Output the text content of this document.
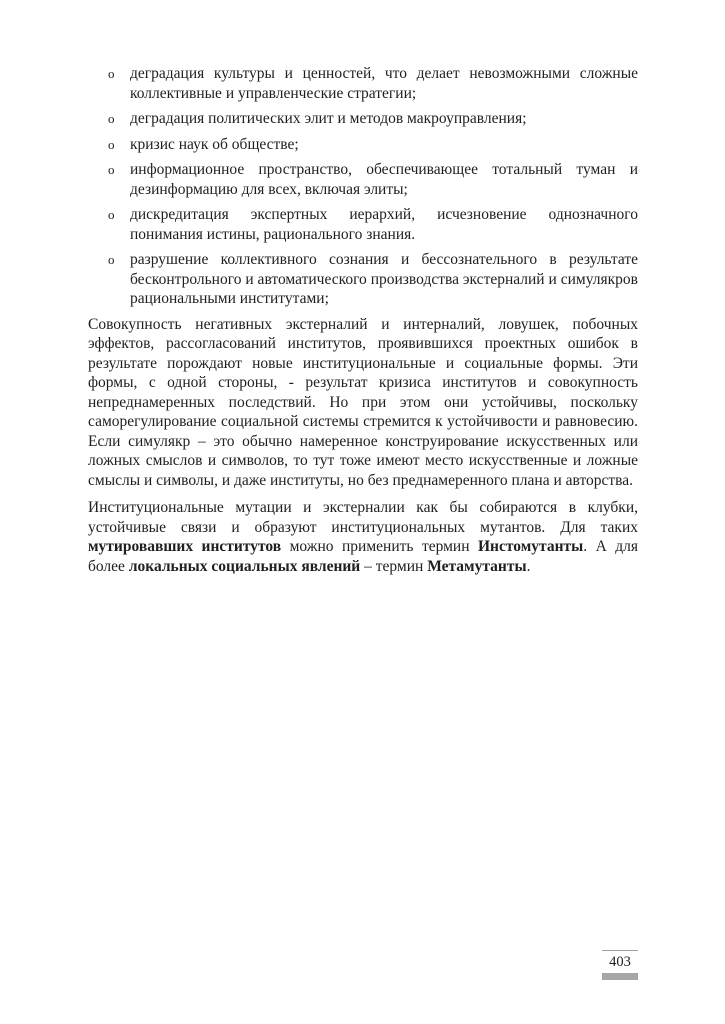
o деградация культуры и ценностей, что делает невозможными сложные коллективные и управленческие стратегии;
o деградация политических элит и методов макроуправления;
o кризис наук об обществе;
o информационное пространство, обеспечивающее тотальный туман и дезинформацию для всех, включая элиты;
o дискредитация экспертных иерархий, исчезновение однозначного понимания истины, рационального знания.
o разрушение коллективного сознания и бессознательного в результате бесконтрольного и автоматического производства экстерналий и симулякров рациональными институтами;

Совокупность негативных экстерналий и интерналий, ловушек, побочных эффектов, рассогласований институтов, проявившихся проектных ошибок в результате порождают новые институциональные и социальные формы. Эти формы, с одной стороны, - результат кризиса институтов и совокупность непреднамеренных последствий. Но при этом они устойчивы, поскольку саморегулирование социальной системы стремится к устойчивости и равновесию. Если симулякр – это обычно намеренное конструирование искусственных или ложных смыслов и символов, то тут тоже имеют место искусственные и ложные смыслы и символы, и даже институты, но без преднамеренного плана и авторства.

Институциональные мутации и экстерналии как бы собираются в клубки, устойчивые связи и образуют институциональных мутантов. Для таких мутировавших институтов можно применить термин Инстомутанты. А для более локальных социальных явлений – термин Метамутанты.

403
